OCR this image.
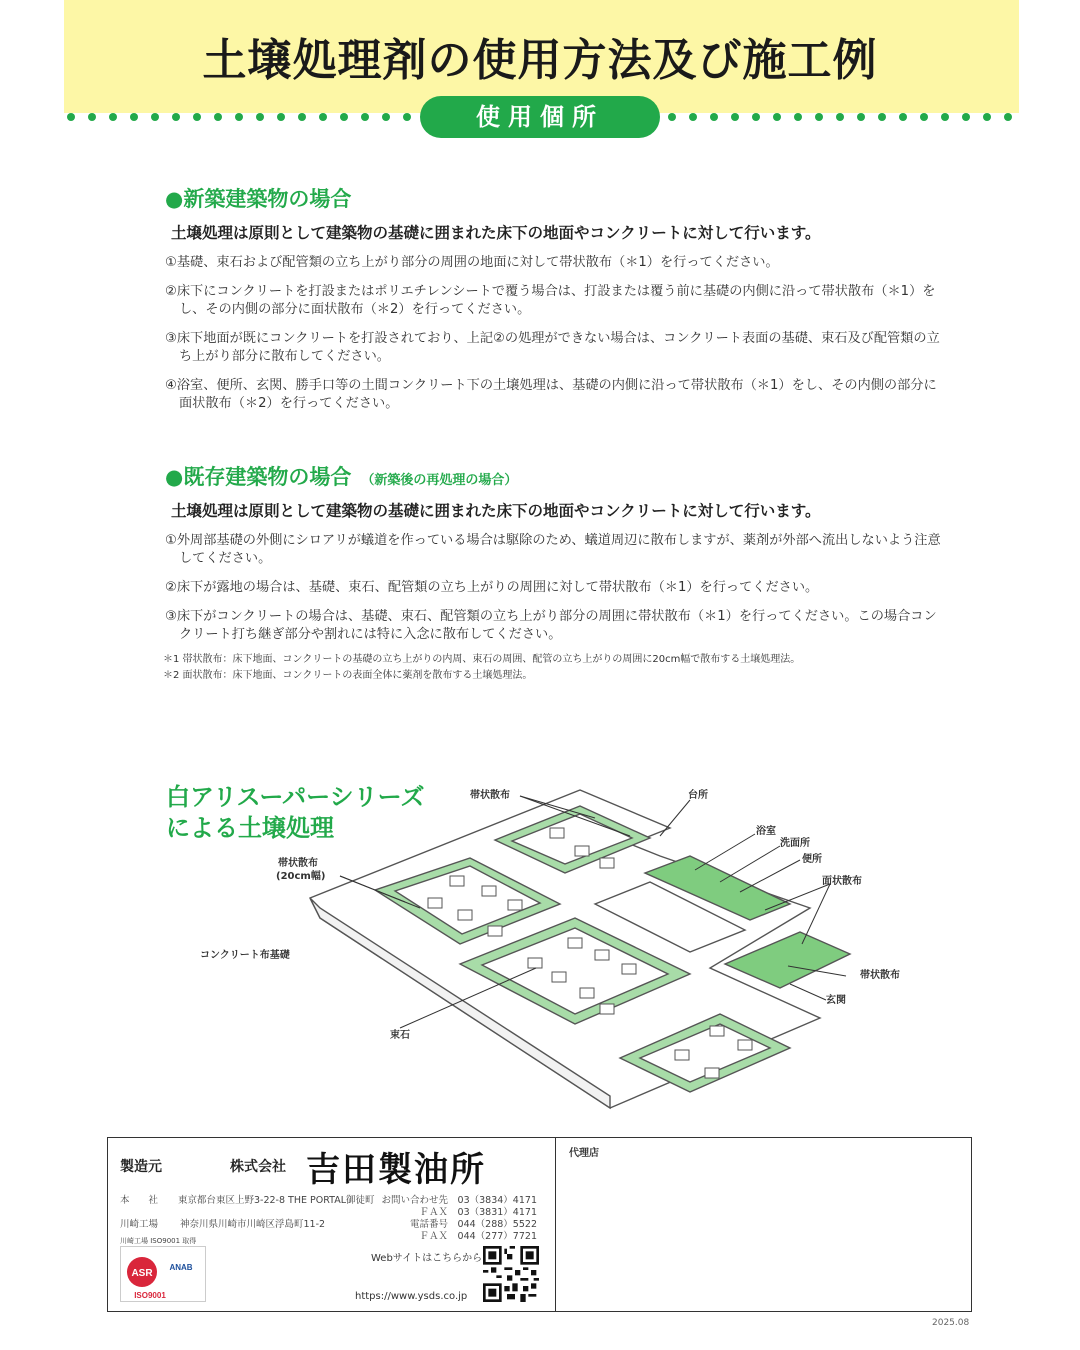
土壌処理剤の使用方法及び施工例
使用個所
●新築建築物の場合
土壌処理は原則として建築物の基礎に囲まれた床下の地面やコンクリートに対して行います。
①基礎、束石および配管類の立ち上がり部分の周囲の地面に対して帯状散布（＊1）を行ってください。
②床下にコンクリートを打設またはポリエチレンシートで覆う場合は、打設または覆う前に基礎の内側に沿って帯状散布（＊1）をし、その内側の部分に面状散布（＊2）を行ってください。
③床下地面が既にコンクリートを打設されており、上記②の処理ができない場合は、コンクリート表面の基礎、束石及び配管類の立ち上がり部分に散布してください。
④浴室、便所、玄関、勝手口等の土間コンクリート下の土壌処理は、基礎の内側に沿って帯状散布（＊1）をし、その内側の部分に面状散布（＊2）を行ってください。
●既存建築物の場合 （新築後の再処理の場合）
土壌処理は原則として建築物の基礎に囲まれた床下の地面やコンクリートに対して行います。
①外周部基礎の外側にシロアリが蟻道を作っている場合は駆除のため、蟻道周辺に散布しますが、薬剤が外部へ流出しないよう注意してください。
②床下が露地の場合は、基礎、束石、配管類の立ち上がりの周囲に対して帯状散布（＊1）を行ってください。
③床下がコンクリートの場合は、基礎、束石、配管類の立ち上がり部分の周囲に帯状散布（＊1）を行ってください。この場合コンクリート打ち継ぎ部分や割れには特に入念に散布してください。
＊1 帯状散布：床下地面、コンクリートの基礎の立ち上がりの内周、束石の周囲、配管の立ち上がりの周囲に20cm幅で散布する土壌処理法。
＊2 面状散布：床下地面、コンクリートの表面全体に薬剤を散布する土壌処理法。
白アリスーパーシリーズ
による土壌処理
帯状散布	台所
浴室
洗面所
便所
面状散布
帯状散布
(20cm幅)
コンクリート布基礎
帯状散布
玄関
束石
製造元	株式会社 吉田製油所
本　　社 東京都台東区上野3-22-8 THE PORTAL御徒町
川崎工場 神奈川県川崎市川崎区浮島町11-2
お問い合わせ先　03（3834）4171
ＦＡＸ　03（3831）4171
電話番号　044（288）5522
ＦＡＸ　044（277）7721
川崎工場 ISO9001 取得
ASR
ANAB
ISO9001
Webサイトはこちらから
https://www.ysds.co.jp
代理店
2025.08
